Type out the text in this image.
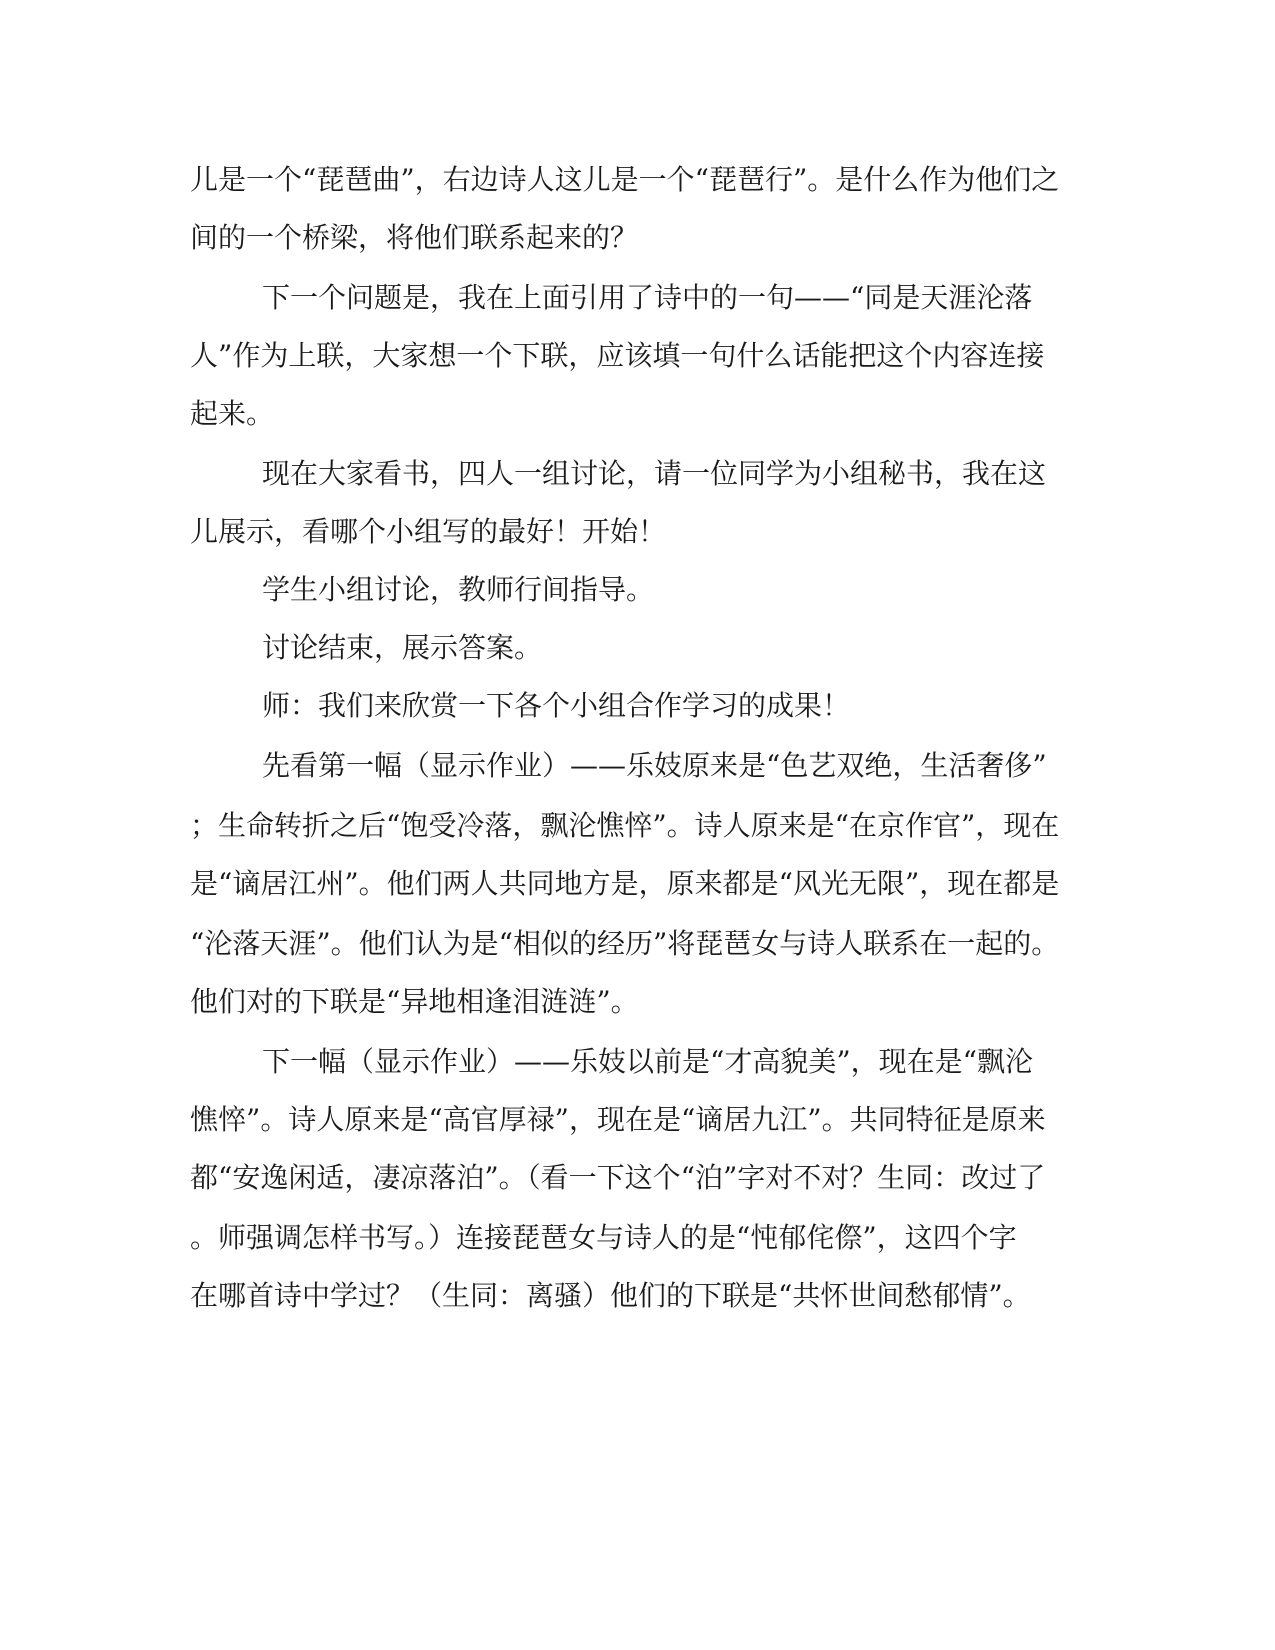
儿是一个“琵琶曲”，右边诗人这儿是一个“琵琶行”。是什么作为他们之
间的一个桥梁，将他们联系起来的？
下一个问题是，我在上面引用了诗中的一句——“同是天涯沦落
人”作为上联，大家想一个下联，应该填一句什么话能把这个内容连接
起来。
现在大家看书，四人一组讨论，请一位同学为小组秘书，我在这
儿展示，看哪个小组写的最好！开始！
学生小组讨论，教师行间指导。
讨论结束，展示答案。
师：我们来欣赏一下各个小组合作学习的成果！
先看第一幅（显示作业）——乐妓原来是“色艺双绝，生活奢侈”
；生命转折之后“饱受冷落，飘沦憔悴”。诗人原来是“在京作官”，现在
是“谪居江州”。他们两人共同地方是，原来都是“风光无限”，现在都是
“沦落天涯”。他们认为是“相似的经历”将琵琶女与诗人联系在一起的。
他们对的下联是“异地相逢泪涟涟”。
下一幅（显示作业）——乐妓以前是“才高貌美”，现在是“飘沦
憔悴”。诗人原来是“高官厚禄”，现在是“谪居九江”。共同特征是原来
都“安逸闲适，凄凉落泊”。（看一下这个“泊”字对不对？生同：改过了
。师强调怎样书写。）连接琵琶女与诗人的是“忳郁侘傺”，这四个字
在哪首诗中学过？（生同：离骚）他们的下联是“共怀世间愁郁情”。
